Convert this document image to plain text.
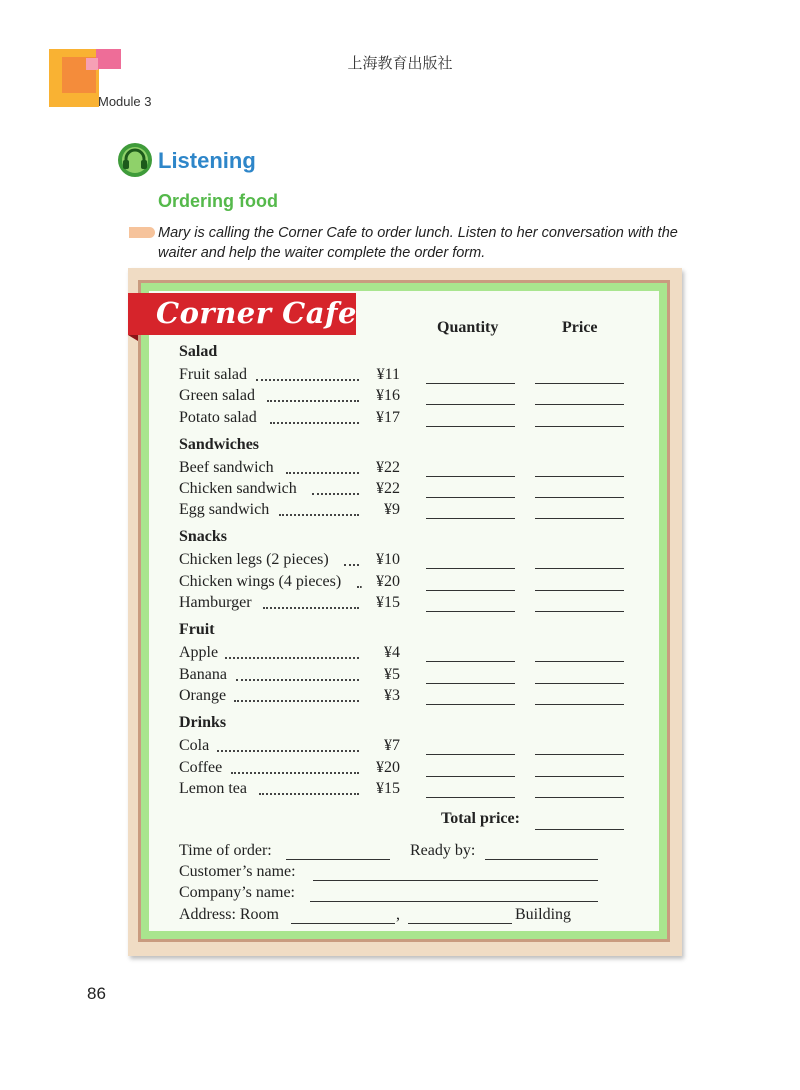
上海教育出版社
Module 3
Listening
Ordering food
Mary is calling the Corner Cafe to order lunch. Listen to her conversation with the waiter and help the waiter complete the order form.
Corner Cafe	Quantity	Price
Salad
Fruit salad	¥11
Green salad	¥16
Potato salad	¥17
Sandwiches
Beef sandwich	¥22
Chicken sandwich	¥22
Egg sandwich	¥9
Snacks
Chicken legs (2 pieces)	¥10
Chicken wings (4 pieces)	¥20
Hamburger	¥15
Fruit
Apple	¥4
Banana	¥5
Orange	¥3
Drinks
Cola	¥7
Coffee	¥20
Lemon tea	¥15
Total price:
Time of order:	Ready by:
Customer’s name:
Company’s name:
Address: Room	,	Building
86
